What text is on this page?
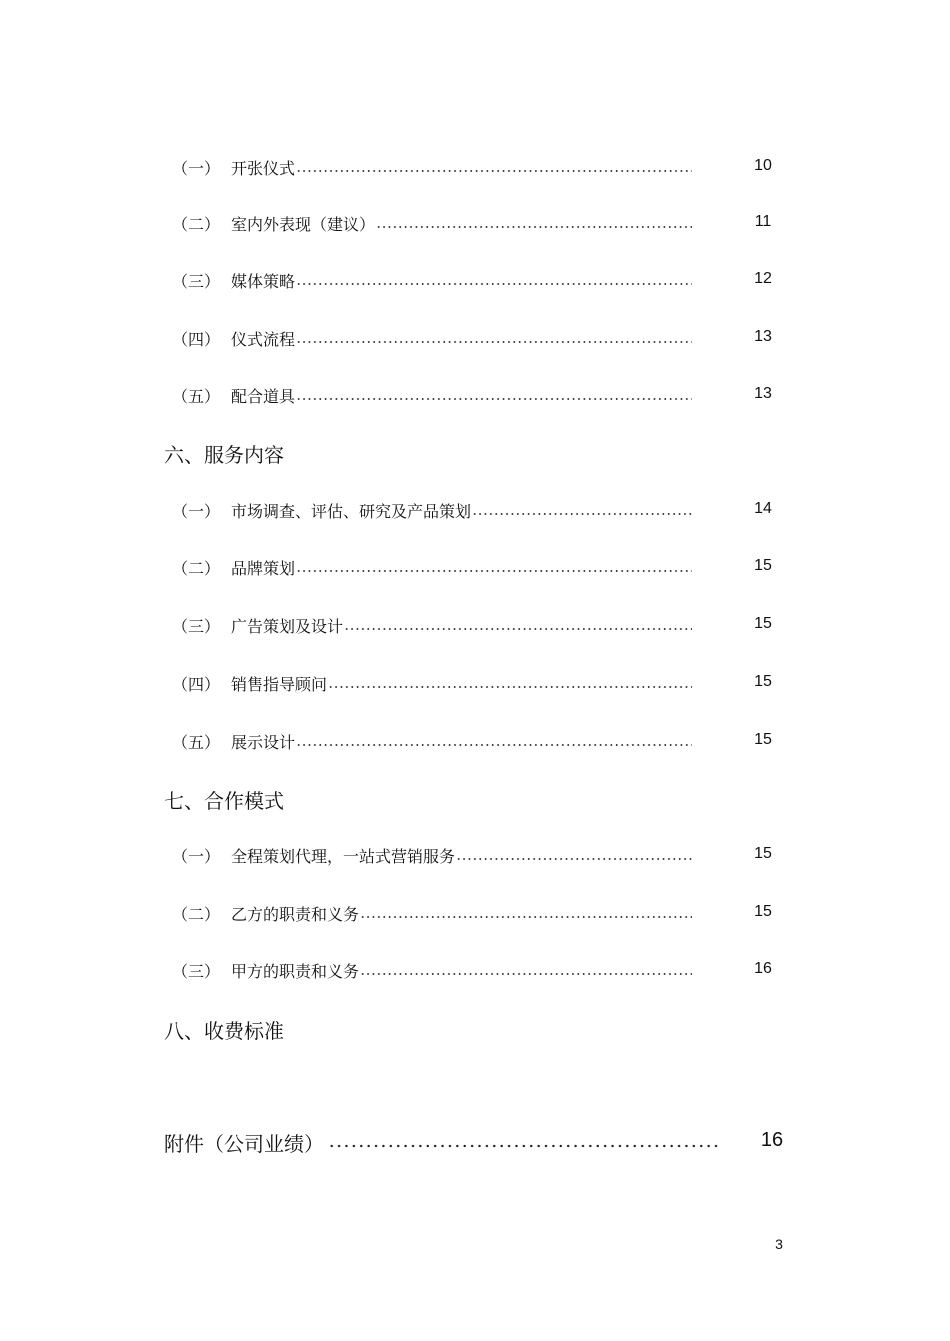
（一） 开张仪式	10
（二） 室内外表现（建议）	11
（三） 媒体策略	12
（四） 仪式流程	13
（五） 配合道具	13
六、服务内容
（一） 市场调查、评估、研究及产品策划	14
（二） 品牌策划	15
（三） 广告策划及设计	15
（四） 销售指导顾问	15
（五） 展示设计	15
七、合作模式
（一） 全程策划代理，一站式营销服务	15
（二） 乙方的职责和义务	15
（三） 甲方的职责和义务	16
八、收费标准
附件（公司业绩）	16
3
